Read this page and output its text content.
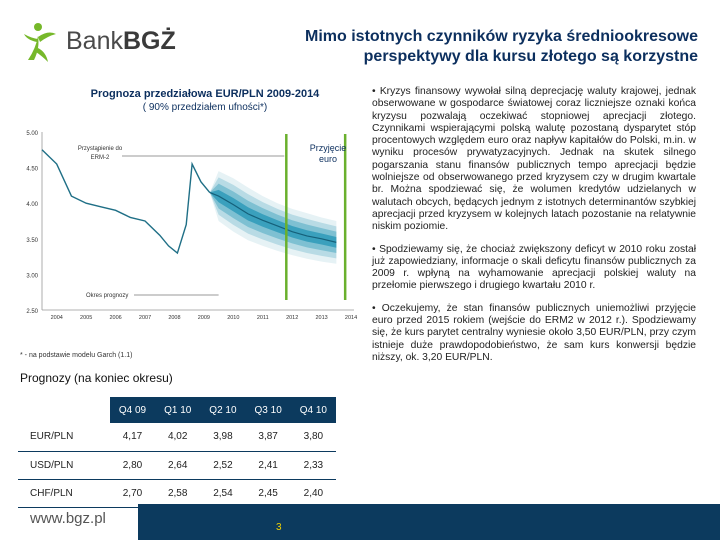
BankBGŻ	Mimo istotnych czynników ryzyka średniookresowe perspektywy dla kursu złotego są korzystne
Prognoza przedziałowa EUR/PLN 2009-2014
( 90% przedziałem ufności*)
5.00
4.50
4.00
3.50
3.00
2.50
2004	2005	2006	2007	2008	2009	2010	2011	2012	2013	2014
Przystąpienie do
ERM-2
Przyjęcie
euro
Okres prognozy
* - na podstawie modelu Garch (1.1)
Prognozy (na koniec okresu)
	Q4 09	Q1 10	Q2 10	Q3 10	Q4 10
EUR/PLN	4,17	4,02	3,98	3,87	3,80
USD/PLN	2,80	2,64	2,52	2,41	2,33
CHF/PLN	2,70	2,58	2,54	2,45	2,40

• Kryzys finansowy wywołał silną deprecjację waluty krajowej, jednak obserwowane w gospodarce światowej coraz liczniejsze oznaki końca kryzysu pozwalają oczekiwać stopniowej aprecjacji złotego. Czynnikami wspierającymi polską walutę pozostaną dysparytet stóp procentowych względem euro oraz napływ kapitałów do Polski, m.in. w wyniku procesów prywatyzacyjnych. Jednak na skutek silnego pogarszania stanu finansów publicznych tempo aprecjacji będzie wolniejsze od obserwowanego przed kryzysem czy w drugim kwartale br. Można spodziewać się, że wolumen kredytów udzielanych w walutach obcych, będących jednym z istotnych determinantów szybkiej aprecjacji przed kryzysem w kolejnych latach pozostanie na relatywnie niskim poziomie.

• Spodziewamy się, że chociaż zwiększony deficyt w 2010 roku został już zapowiedziany, informacje o skali deficytu finansów publicznych za 2009 r. wpłyną na wyhamowanie aprecjacji polskiej waluty na przełomie pierwszego i drugiego kwartału 2010 r.

• Oczekujemy, że stan finansów publicznych uniemożliwi przyjęcie euro przed 2015 rokiem (wejście do ERM2 w 2012 r.). Spodziewamy się, że kurs parytet centralny wyniesie około 3,50 EUR/PLN, przy czym istnieje duże prawdopodobieństwo, że sam kurs konwersji będzie niższy, ok. 3,20 EUR/PLN.

www.bgz.pl
3
